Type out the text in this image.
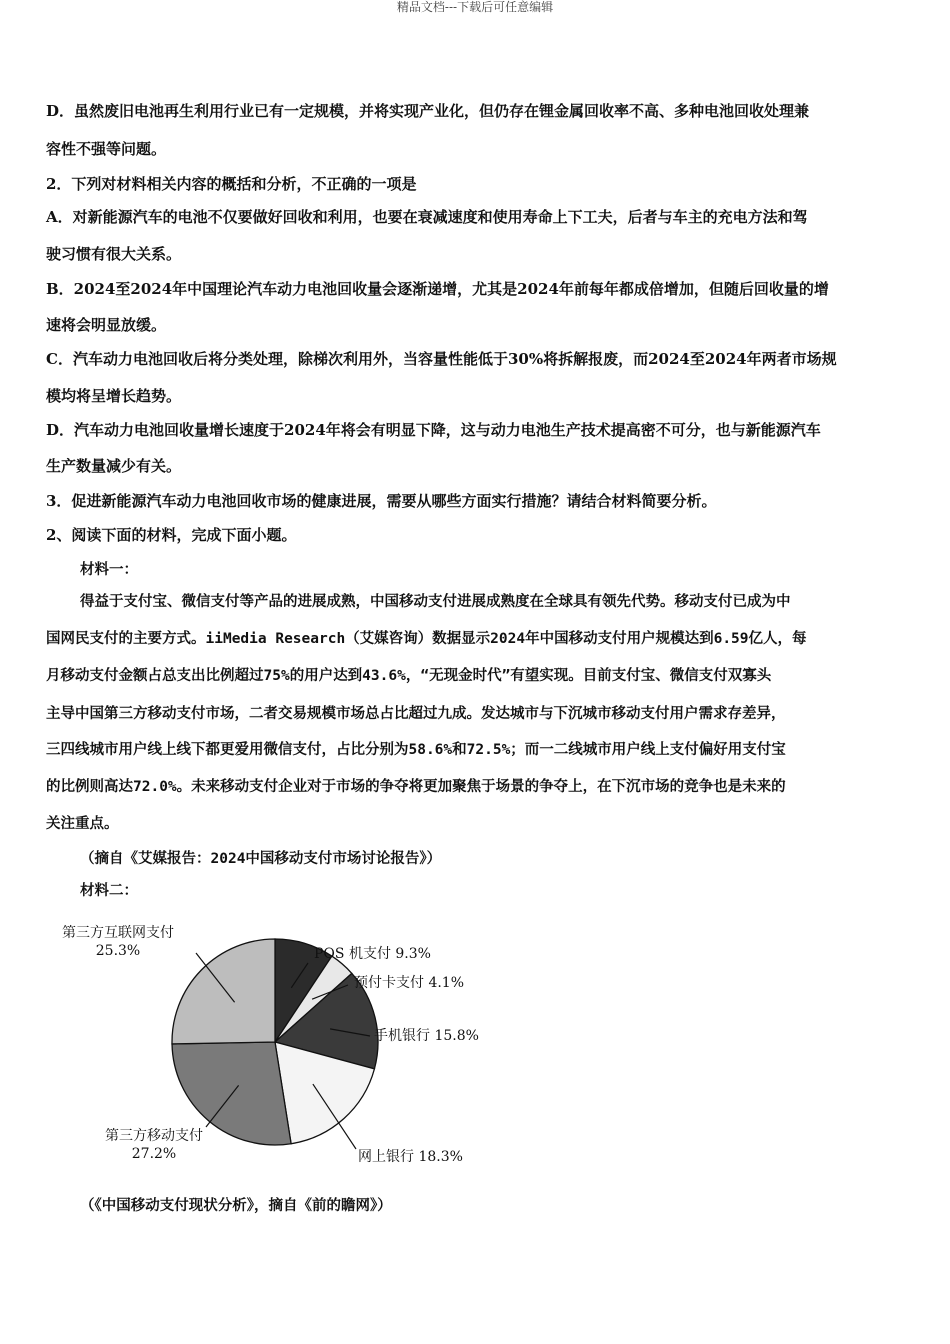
精品文档---下载后可任意编辑
D．虽然废旧电池再生利用行业已有一定规模，并将实现产业化，但仍存在锂金属回收率不高、多种电池回收处理兼
容性不强等问题。
2．下列对材料相关内容的概括和分析，不正确的一项是
A．对新能源汽车的电池不仅要做好回收和利用，也要在衰减速度和使用寿命上下工夫，后者与车主的充电方法和驾
驶习惯有很大关系。
B．2024至2024年中国理论汽车动力电池回收量会逐渐递增，尤其是2024年前每年都成倍增加，但随后回收量的增
速将会明显放缓。
C．汽车动力电池回收后将分类处理，除梯次利用外，当容量性能低于30%将拆解报废，而2024至2024年两者市场规
模均将呈增长趋势。
D．汽车动力电池回收量增长速度于2024年将会有明显下降，这与动力电池生产技术提高密不可分，也与新能源汽车
生产数量减少有关。
3．促进新能源汽车动力电池回收市场的健康进展，需要从哪些方面实行措施？请结合材料简要分析。
2、阅读下面的材料，完成下面小题。
材料一：
得益于支付宝、微信支付等产品的进展成熟，中国移动支付进展成熟度在全球具有领先代势。移动支付已成为中
国网民支付的主要方式。iiMedia Research（艾媒咨询）数据显示2024年中国移动支付用户规模达到6.59亿人，每
月移动支付金额占总支出比例超过75%的用户达到43.6%，“无现金时代”有望实现。目前支付宝、微信支付双寡头
主导中国第三方移动支付市场，二者交易规模市场总占比超过九成。发达城市与下沉城市移动支付用户需求存差异，
三四线城市用户线上线下都更爱用微信支付，占比分别为58.6%和72.5%；而一二线城市用户线上支付偏好用支付宝
的比例则高达72.0%。未来移动支付企业对于市场的争夺将更加聚焦于场景的争夺上，在下沉市场的竞争也是未来的
关注重点。
（摘自《艾媒报告：2024中国移动支付市场讨论报告》）
材料二：
POS 机支付 9.3%
预付卡支付 4.1%
手机银行 15.8%
网上银行 18.3%
第三方移动支付
27.2%
第三方互联网支付
25.3%
（《中国移动支付现状分析》，摘自《前的瞻网》）
